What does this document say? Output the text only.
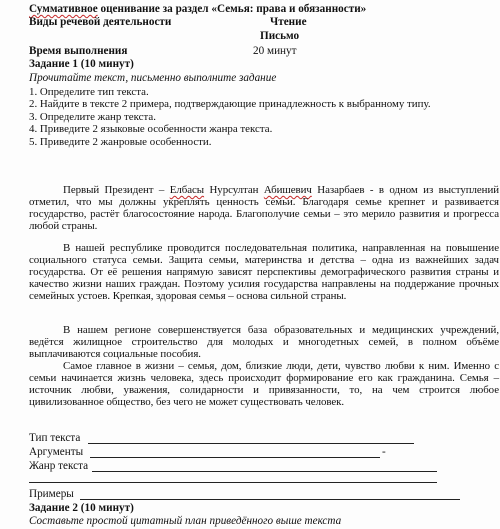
Суммативное оценивание за раздел «Семья: права и обязанности»
Виды речевой деятельности	Чтение
Письмо
Время выполнения	20 минут
Задание 1 (10 минут)
Прочитайте текст, письменно выполните задание
1. Определите тип текста.
2. Найдите в тексте 2 примера, подтверждающие принадлежность к выбранному типу.
3. Определите жанр текста.
4. Приведите 2 языковые особенности жанра текста.
5. Приведите 2 жанровые особенности.

Первый Президент – Елбасы Нурсултан Абишевич Назарбаев - в одном из выступлений отметил, что мы должны укреплять ценность семьи. Благодаря семье крепнет и развивается государство, растёт благосостояние народа. Благополучие семьи – это мерило развития и прогресса любой страны.

В нашей республике проводится последовательная политика, направленная на повышение социального статуса семьи. Защита семьи, материнства и детства – одна из важнейших задач государства. От её решения напрямую зависят перспективы демографического развития страны и качество жизни наших граждан. Поэтому усилия государства направлены на поддержание прочных семейных устоев. Крепкая, здоровая семья – основа сильной страны.

В нашем регионе совершенствуется база образовательных и медицинских учреждений, ведётся жилищное строительство для молодых и многодетных семей, в полном объёме выплачиваются социальные пособия.

Самое главное в жизни – семья, дом, близкие люди, дети, чувство любви к ним. Именно с семьи начинается жизнь человека, здесь происходит формирование его как гражданина. Семья – источник любви, уважения, солидарности и привязанности, то, на чем строится любое цивилизованное общество, без чего не может существовать человек.

Тип текста
Аргументы	-
Жанр текста
Примеры
Задание 2 (10 минут)
Составьте простой цитатный план приведённого выше текста
